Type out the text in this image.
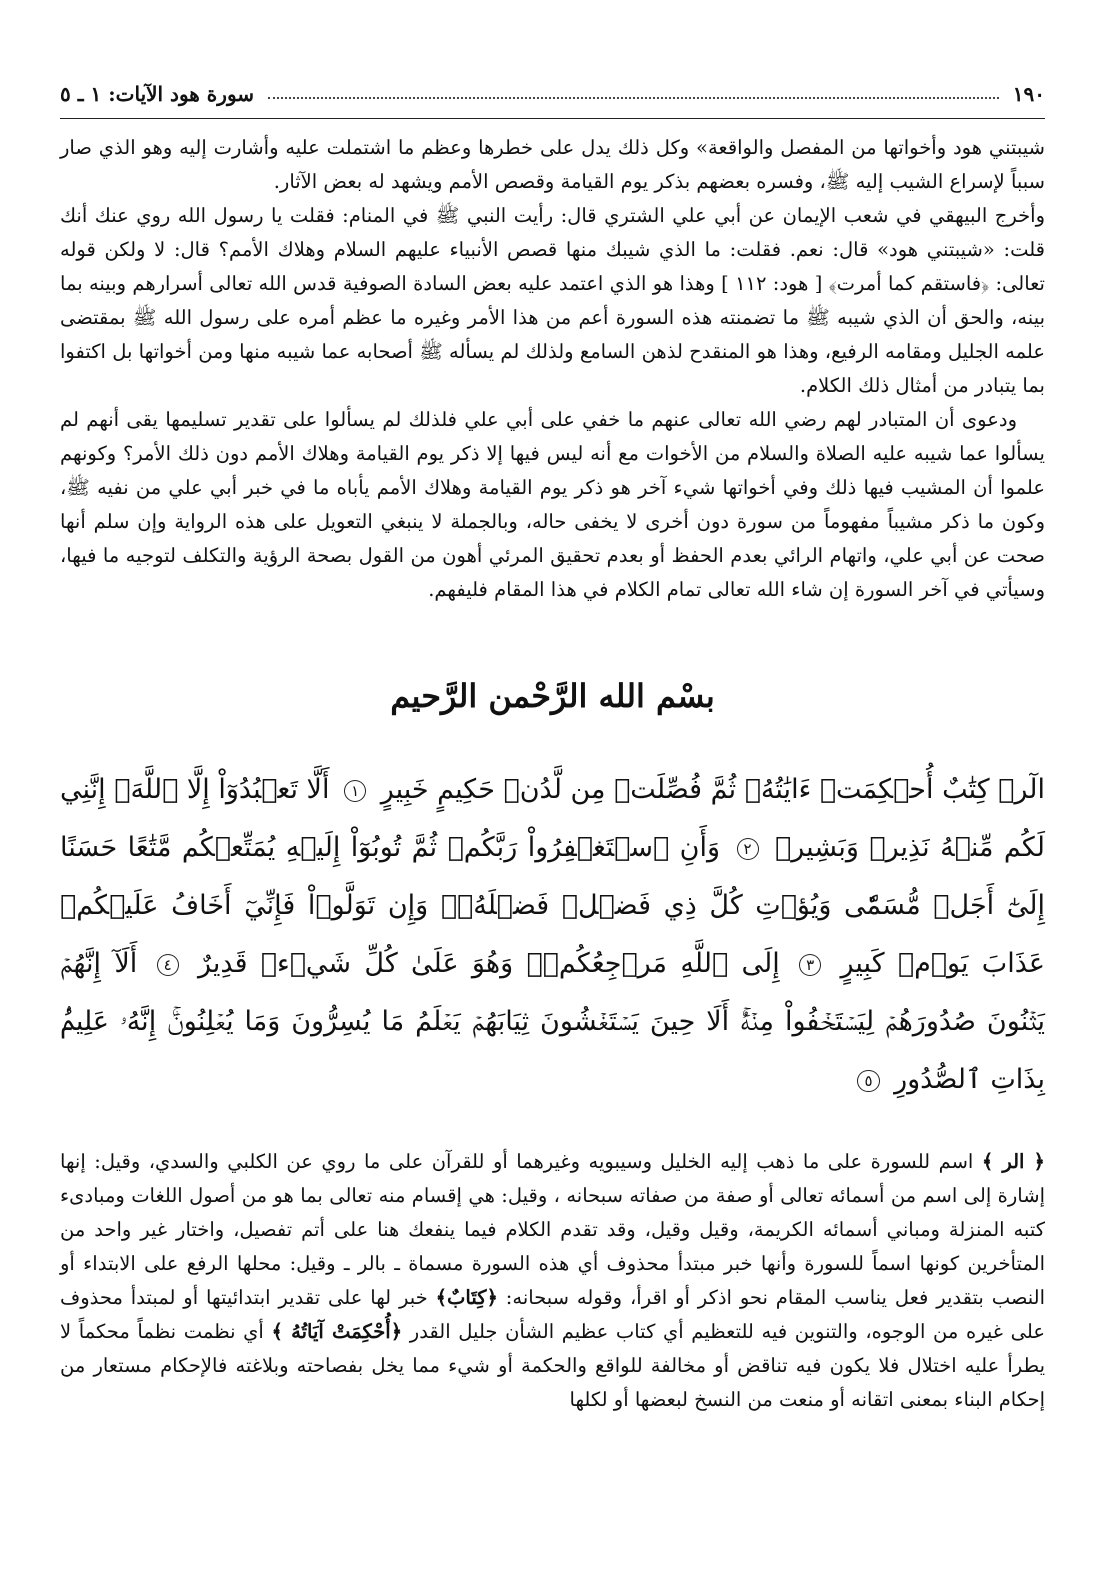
١٩٠
سورة هود الآيات: ١ ـ ٥

شيبتني هود وأخواتها من المفصل والواقعة» وكل ذلك يدل على خطرها وعظم ما اشتملت عليه وأشارت إليه وهو الذي صار سبباً لإسراع الشيب إليه ﷺ، وفسره بعضهم بذكر يوم القيامة وقصص الأمم ويشهد له بعض الآثار.

وأخرج البيهقي في شعب الإيمان عن أبي علي الشتري قال: رأيت النبي ﷺ في المنام: فقلت يا رسول الله روي عنك أنك قلت: «شيبتني هود» قال: نعم. فقلت: ما الذي شيبك منها قصص الأنبياء عليهم السلام وهلاك الأمم؟ قال: لا ولكن قوله تعالى: ﴿فاستقم كما أمرت﴾ [ هود: ١١٢ ] وهذا هو الذي اعتمد عليه بعض السادة الصوفية قدس الله تعالى أسرارهم وبينه بما بينه، والحق أن الذي شيبه ﷺ ما تضمنته هذه السورة أعم من هذا الأمر وغيره ما عظم أمره على رسول الله ﷺ بمقتضى علمه الجليل ومقامه الرفيع، وهذا هو المنقدح لذهن السامع ولذلك لم يسأله ﷺ أصحابه عما شيبه منها ومن أخواتها بل اكتفوا بما يتبادر من أمثال ذلك الكلام.

ودعوى أن المتبادر لهم رضي الله تعالى عنهم ما خفي على أبي علي فلذلك لم يسألوا على تقدير تسليمها يقى أنهم لم يسألوا عما شيبه عليه الصلاة والسلام من الأخوات مع أنه ليس فيها إلا ذكر يوم القيامة وهلاك الأمم دون ذلك الأمر؟ وكونهم علموا أن المشيب فيها ذلك وفي أخواتها شيء آخر هو ذكر يوم القيامة وهلاك الأمم يأباه ما في خبر أبي علي من نفيه ﷺ، وكون ما ذكر مشيباً مفهوماً من سورة دون أخرى لا يخفى حاله، وبالجملة لا ينبغي التعويل على هذه الرواية وإن سلم أنها صحت عن أبي علي، واتهام الرائي بعدم الحفظ أو بعدم تحقيق المرئي أهون من القول بصحة الرؤية والتكلف لتوجيه ما فيها، وسيأتي في آخر السورة إن شاء الله تعالى تمام الكلام في هذا المقام فليفهم.

بسْم الله الرَّحْمن الرَّحيم
الٓرۚ كِتَٰبٌ أُحۡكِمَتۡ ءَايَٰتُهُۥ ثُمَّ فُصِّلَتۡ مِن لَّدُنۡ حَكِيمٍ خَبِيرٍ ١ أَلَّا تَعۡبُدُوٓاْ إِلَّا ٱللَّهَۚ إِنَّنِي لَكُم مِّنۡهُ نَذِيرٞ وَبَشِيرٞ ٢ وَأَنِ ٱسۡتَغۡفِرُواْ رَبَّكُمۡ ثُمَّ تُوبُوٓاْ إِلَيۡهِ يُمَتِّعۡكُم مَّتَٰعًا حَسَنًا إِلَىٰٓ أَجَلٖ مُّسَمّٗى وَيُؤۡتِ كُلَّ ذِي فَضۡلٖ فَضۡلَهُۥۖ وَإِن تَوَلَّوۡاْ فَإِنِّيٓ أَخَافُ عَلَيۡكُمۡ عَذَابَ يَوۡمٖ كَبِيرٍ ٣ إِلَى ٱللَّهِ مَرۡجِعُكُمۡۖ وَهُوَ عَلَىٰ كُلِّ شَيۡءٖ قَدِيرٌ ٤ أَلَآ إِنَّهُمۡ يَثۡنُونَ صُدُورَهُمۡ لِيَسۡتَخۡفُواْ مِنۡهُۚ أَلَا حِينَ يَسۡتَغۡشُونَ ثِيَابَهُمۡ يَعۡلَمُ مَا يُسِرُّونَ وَمَا يُعۡلِنُونَۚ إِنَّهُۥ عَلِيمُۢ بِذَاتِ ٱلصُّدُورِ ٥

﴿ الر ﴾ اسم للسورة على ما ذهب إليه الخليل وسيبويه وغيرهما أو للقرآن على ما روي عن الكلبي والسدي، وقيل: إنها إشارة إلى اسم من أسمائه تعالى أو صفة من صفاته سبحانه ، وقيل: هي إقسام منه تعالى بما هو من أصول اللغات ومبادىء كتبه المنزلة ومباني أسمائه الكريمة، وقيل وقيل، وقد تقدم الكلام فيما ينفعك هنا على أتم تفصيل، واختار غير واحد من المتأخرين كونها اسماً للسورة وأنها خبر مبتدأ محذوف أي هذه السورة مسماة ـ بالر ـ وقيل: محلها الرفع على الابتداء أو النصب بتقدير فعل يناسب المقام نحو اذكر أو اقرأ، وقوله سبحانه: ﴿كِتَابٌ﴾ خبر لها على تقدير ابتدائيتها أو لمبتدأ محذوف على غيره من الوجوه، والتنوين فيه للتعظيم أي كتاب عظيم الشأن جليل القدر ﴿أُحْكِمَتْ آيَاتُهُ ﴾ أي نظمت نظماً محكماً لا يطرأ عليه اختلال فلا يكون فيه تناقض أو مخالفة للواقع والحكمة أو شيء مما يخل بفصاحته وبلاغته فالإحكام مستعار من إحكام البناء بمعنى اتقانه أو منعت من النسخ لبعضها أو لكلها
